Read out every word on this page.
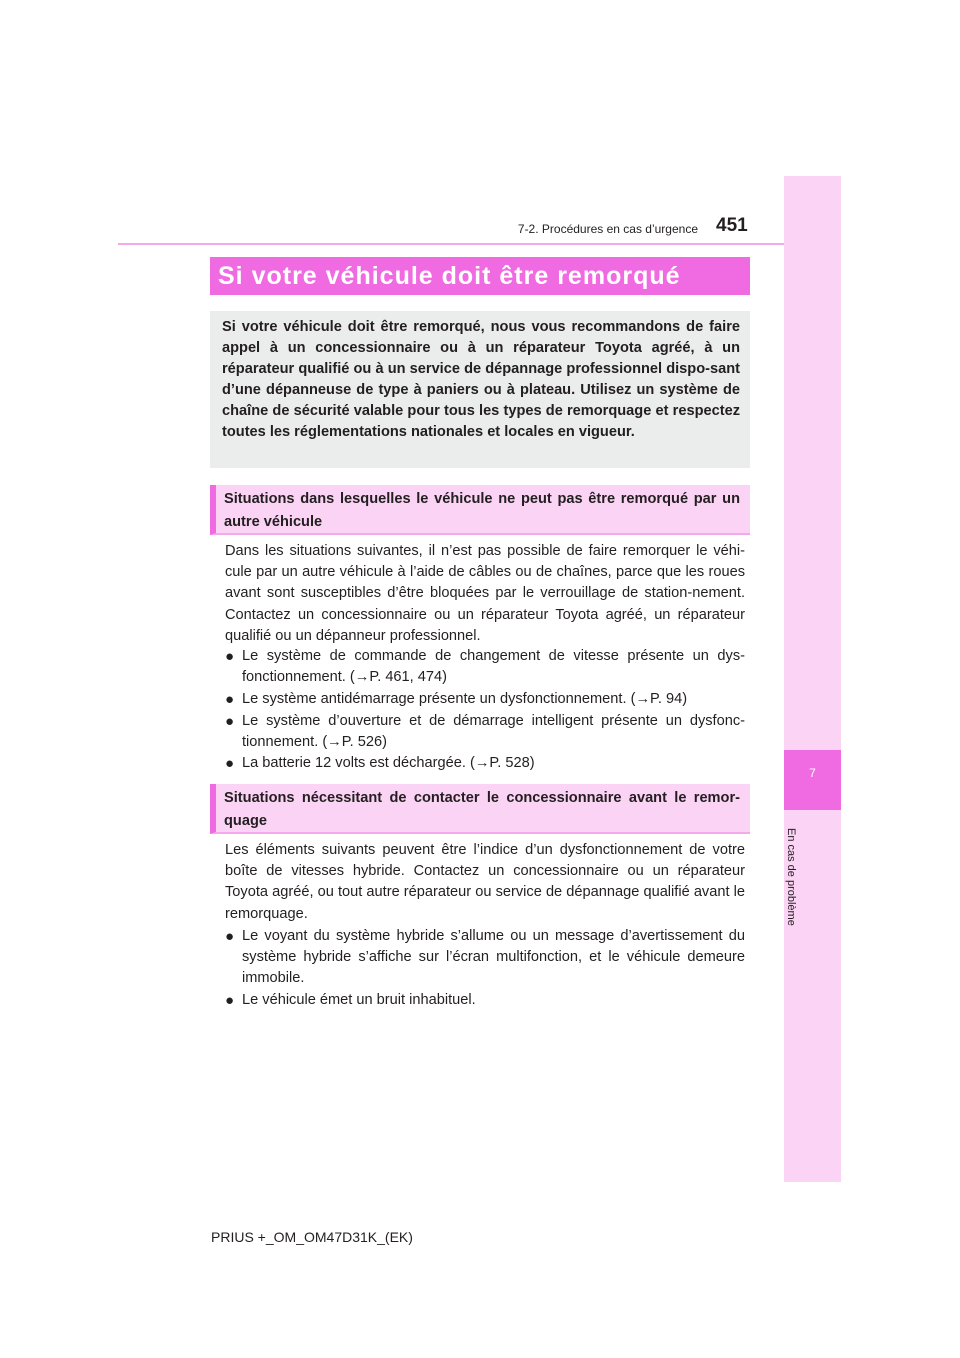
7
En cas de problème
7-2. Procédures en cas d’urgence 451
Si votre véhicule doit être remorqué

Si votre véhicule doit être remorqué, nous vous recommandons de faire appel à un concessionnaire ou à un réparateur Toyota agréé, à un réparateur qualifié ou à un service de dépannage professionnel dispo-sant d’une dépanneuse de type à paniers ou à plateau. Utilisez un système de chaîne de sécurité valable pour tous les types de remorquage et respectez toutes les réglementations nationales et locales en vigueur.

Situations dans lesquelles le véhicule ne peut pas être remorqué par un autre véhicule

Dans les situations suivantes, il n’est pas possible de faire remorquer le véhi-cule par un autre véhicule à l’aide de câbles ou de chaînes, parce que les roues avant sont susceptibles d’être bloquées par le verrouillage de station-nement. Contactez un concessionnaire ou un réparateur Toyota agréé, un réparateur qualifié ou un dépanneur professionnel.

● Le système de commande de changement de vitesse présente un dys-fonctionnement. (→P. 461, 474)
● Le système antidémarrage présente un dysfonctionnement. (→P. 94)
● Le système d’ouverture et de démarrage intelligent présente un dysfonc-tionnement. (→P. 526)
● La batterie 12 volts est déchargée. (→P. 528)

Situations nécessitant de contacter le concessionnaire avant le remor-quage

Les éléments suivants peuvent être l’indice d’un dysfonctionnement de votre boîte de vitesses hybride. Contactez un concessionnaire ou un réparateur Toyota agréé, ou tout autre réparateur ou service de dépannage qualifié avant le remorquage.

● Le voyant du système hybride s’allume ou un message d’avertissement du système hybride s’affiche sur l’écran multifonction, et le véhicule demeure immobile.
● Le véhicule émet un bruit inhabituel.
PRIUS +_OM_OM47D31K_(EK)
